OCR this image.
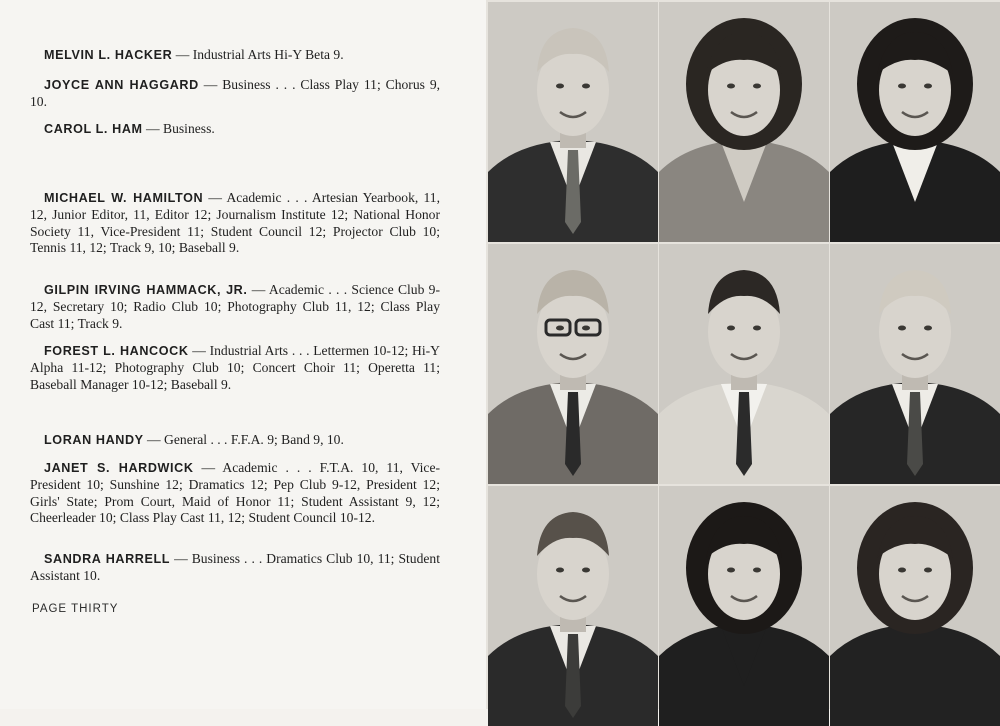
MELVIN L. HACKER — Industrial Arts Hi-Y Beta 9.
JOYCE ANN HAGGARD — Business . . . Class Play 11; Chorus 9, 10.
CAROL L. HAM — Business.
MICHAEL W. HAMILTON — Academic . . . Artesian Yearbook, 11, 12, Junior Editor, 11, Editor 12; Journalism Institute 12; National Honor Society 11, Vice-President 11; Student Council 12; Projector Club 10; Tennis 11, 12; Track 9, 10; Baseball 9.
GILPIN IRVING HAMMACK, JR. — Academic . . . Science Club 9-12, Secretary 10; Radio Club 10; Photography Club 11, 12; Class Play Cast 11; Track 9.
FOREST L. HANCOCK — Industrial Arts . . . Lettermen 10-12; Hi-Y Alpha 11-12; Photography Club 10; Concert Choir 11; Operetta 11; Baseball Manager 10-12; Baseball 9.
LORAN HANDY — General . . . F.F.A. 9; Band 9, 10.
JANET S. HARDWICK — Academic . . . F.T.A. 10, 11, Vice-President 10; Sunshine 12; Dramatics 12; Pep Club 9-12, President 12; Girls' State; Prom Court, Maid of Honor 11; Student Assistant 9, 12; Cheerleader 10; Class Play Cast 11, 12; Student Council 10-12.
SANDRA HARRELL — Business . . . Dramatics Club 10, 11; Student Assistant 10.
PAGE THIRTY
